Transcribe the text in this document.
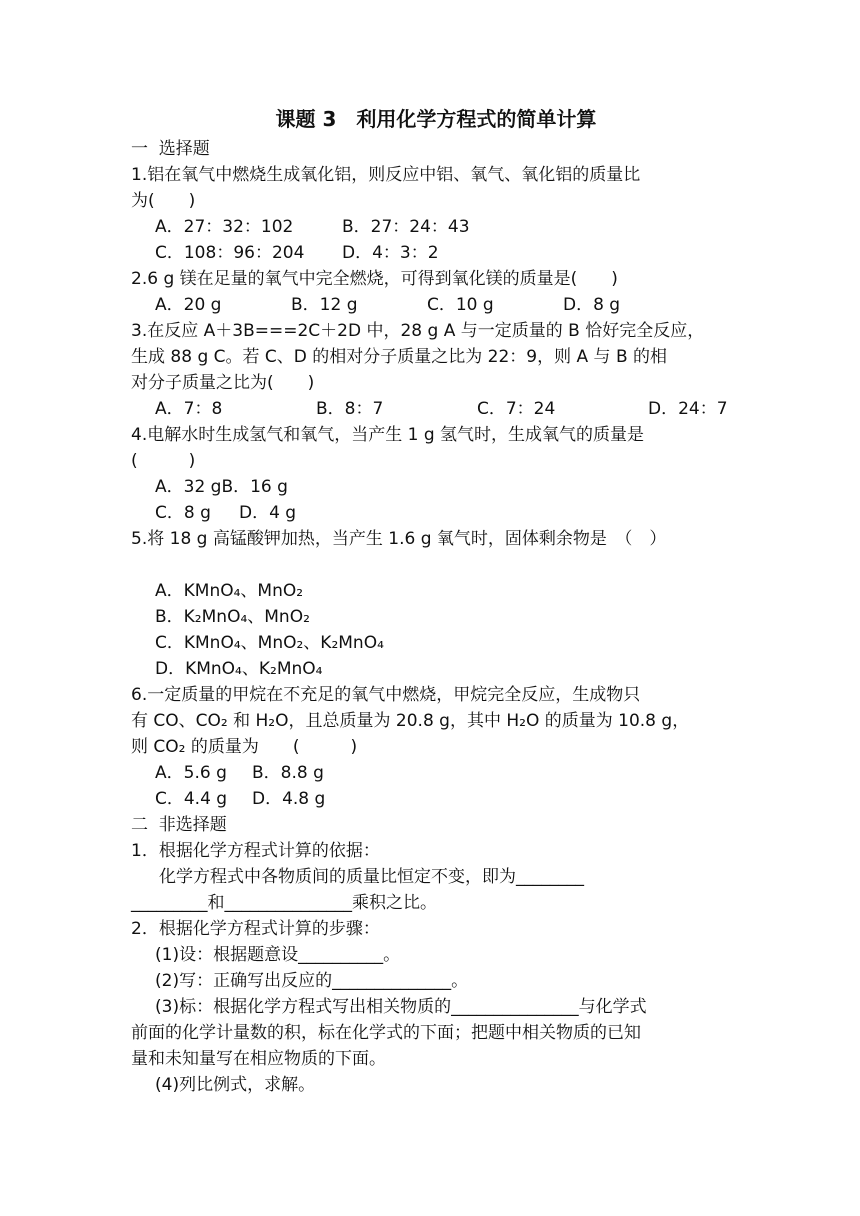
课题 3　利用化学方程式的简单计算
一  选择题
1.铝在氧气中燃烧生成氧化铝，则反应中铝、氧气、氧化铝的质量比
为(　　)
A．27：32：102	B．27：24：43
C．108：96：204	D．4：3：2
2.6 g 镁在足量的氧气中完全燃烧，可得到氧化镁的质量是(　　)
A．20 g	B．12 g	C．10 g	D．8 g
3.在反应 A＋3B===2C＋2D 中，28 g A 与一定质量的 B 恰好完全反应，
生成 88 g C。若 C、D 的相对分子质量之比为 22：9，则 A 与 B 的相
对分子质量之比为(　　)
A．7：8	B．8：7	C．7：24	D．24：7
4.电解水时生成氢气和氧气，当产生 1 g 氢气时，生成氧气的质量是
(　　　)
A．32 gB．16 g
C．8 g	D．4 g
5.将 18 g 高锰酸钾加热，当产生 1.6 g 氧气时，固体剩余物是　（　）
A．KMnO₄、MnO₂
B．K₂MnO₄、MnO₂
C．KMnO₄、MnO₂、K₂MnO₄
D．KMnO₄、K₂MnO₄
6.一定质量的甲烷在不充足的氧气中燃烧，甲烷完全反应，生成物只
有 CO、CO₂ 和 H₂O，且总质量为 20.8 g，其中 H₂O 的质量为 10.8 g，
则 CO₂ 的质量为　　(　　　)
A．5.6 g	B．8.8 g
C．4.4 g	D．4.8 g
二  非选择题
1．根据化学方程式计算的依据：
化学方程式中各物质间的质量比恒定不变，即为________
_________和_______________乘积之比。
2．根据化学方程式计算的步骤：
(1)设：根据题意设__________。
(2)写：正确写出反应的______________。
(3)标：根据化学方程式写出相关物质的_______________与化学式
前面的化学计量数的积，标在化学式的下面；把题中相关物质的已知
量和未知量写在相应物质的下面。
(4)列比例式，求解。
